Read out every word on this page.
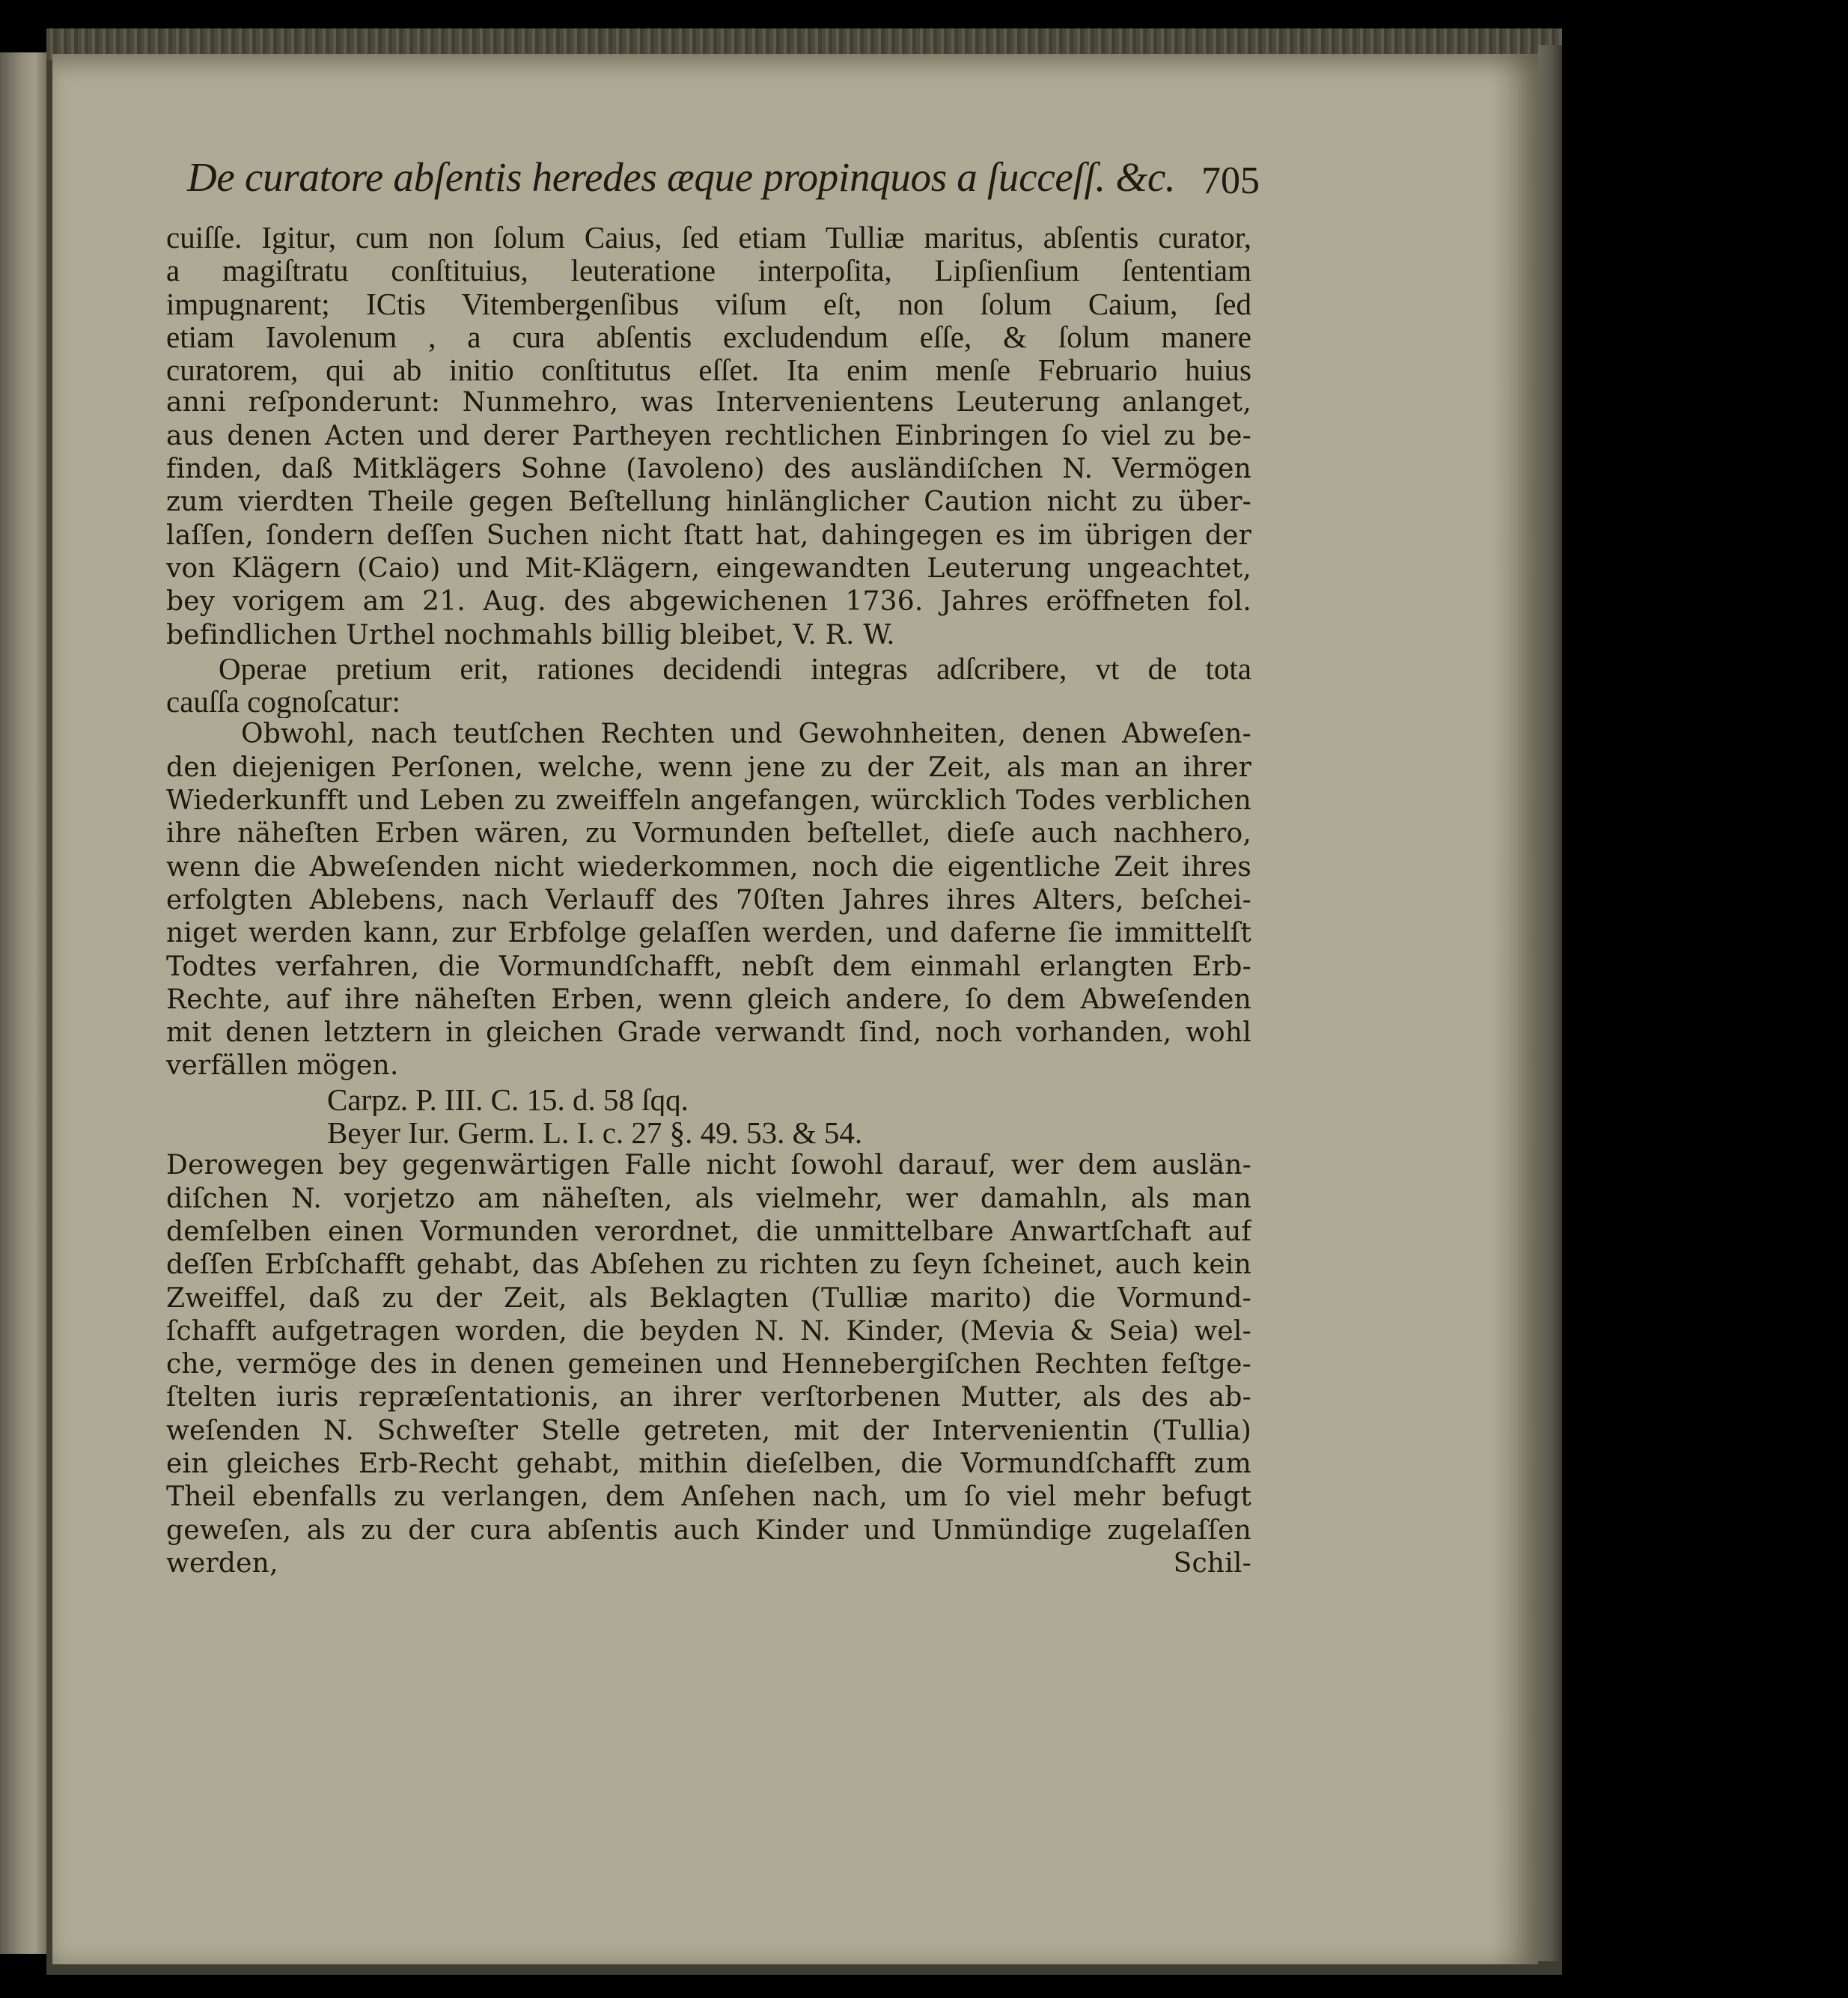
De curatore abſentis heredes æque propinquos a ſucceſſ. &c. 705
cuiſſe. Igitur, cum non ſolum Caius, ſed etiam Tulliæ maritus, abſentis curator,
a magiſtratu conſtituius, leuteratione interpoſita, Lipſienſium ſententiam
impugnarent; ICtis Vitembergenſibus viſum eſt, non ſolum Caium, ſed
etiam Iavolenum , a cura abſentis excludendum eſſe, & ſolum manere
curatorem, qui ab initio conſtitutus eſſet. Ita enim menſe Februario huius
anni reſponderunt: Nunmehro, was Intervenientens Leuterung anlanget,
aus denen Acten und derer Partheyen rechtlichen Einbringen ſo viel zu be-
finden, daß Mitklägers Sohne (Iavoleno) des ausländiſchen N. Vermögen
zum vierdten Theile gegen Beſtellung hinlänglicher Caution nicht zu über-
laſſen, ſondern deſſen Suchen nicht ſtatt hat, dahingegen es im übrigen der
von Klägern (Caio) und Mit-Klägern, eingewandten Leuterung ungeachtet,
bey vorigem am 21. Aug. des abgewichenen 1736. Jahres eröffneten fol.
befindlichen Urthel nochmahls billig bleibet, V. R. W.
Operae pretium erit, rationes decidendi integras adſcribere, vt de tota
cauſſa cognoſcatur:
Obwohl, nach teutſchen Rechten und Gewohnheiten, denen Abweſen-
den diejenigen Perſonen, welche, wenn jene zu der Zeit, als man an ihrer
Wiederkunfft und Leben zu zweiffeln angefangen, würcklich Todes verblichen
ihre näheſten Erben wären, zu Vormunden beſtellet, dieſe auch nachhero,
wenn die Abweſenden nicht wiederkommen, noch die eigentliche Zeit ihres
erfolgten Ablebens, nach Verlauff des 70ſten Jahres ihres Alters, beſchei-
niget werden kann, zur Erbfolge gelaſſen werden, und daferne ſie immittelſt
Todtes verfahren, die Vormundſchafft, nebſt dem einmahl erlangten Erb-
Rechte, auf ihre näheſten Erben, wenn gleich andere, ſo dem Abweſenden
mit denen letztern in gleichen Grade verwandt ſind, noch vorhanden, wohl
verfällen mögen.
Carpz. P. III. C. 15. d. 58 ſqq.
Beyer Iur. Germ. L. I. c. 27 §. 49. 53. & 54.
Derowegen bey gegenwärtigen Falle nicht ſowohl darauf, wer dem auslän-
diſchen N. vorjetzo am näheſten, als vielmehr, wer damahln, als man
demſelben einen Vormunden verordnet, die unmittelbare Anwartſchaft auf
deſſen Erbſchafft gehabt, das Abſehen zu richten zu ſeyn ſcheinet, auch kein
Zweiffel, daß zu der Zeit, als Beklagten (Tulliæ marito) die Vormund-
ſchafft aufgetragen worden, die beyden N. N. Kinder, (Mevia & Seia) wel-
che, vermöge des in denen gemeinen und Hennebergiſchen Rechten feſtge-
ſtelten iuris repræſentationis, an ihrer verſtorbenen Mutter, als des ab-
weſenden N. Schweſter Stelle getreten, mit der Intervenientin (Tullia)
ein gleiches Erb-Recht gehabt, mithin dieſelben, die Vormundſchafft zum
Theil ebenfalls zu verlangen, dem Anſehen nach, um ſo viel mehr befugt
geweſen, als zu der cura abſentis auch Kinder und Unmündige zugelaſſen
werden, Schil-
